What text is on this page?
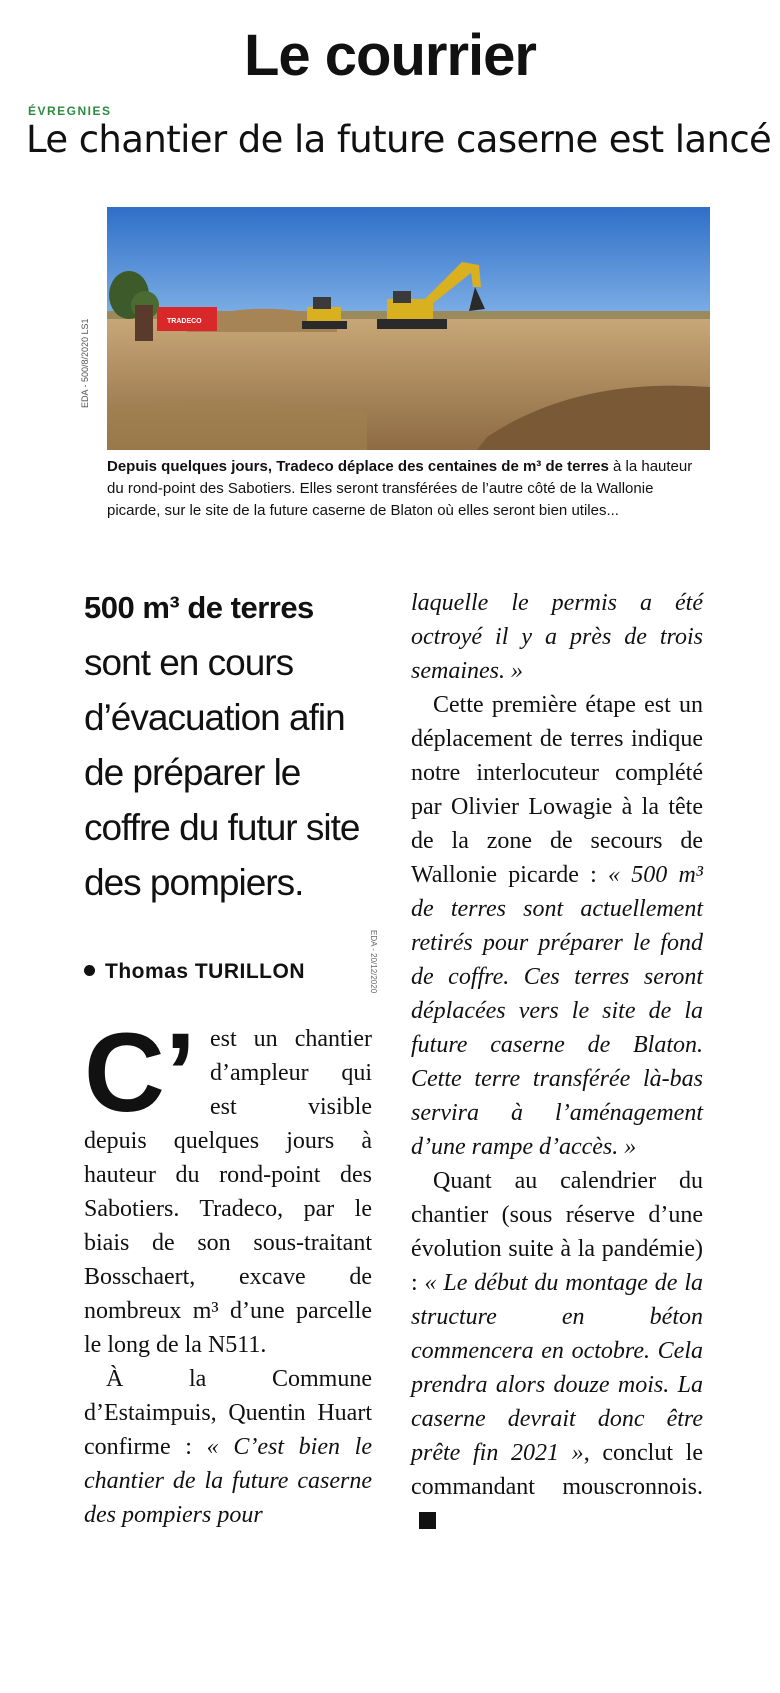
Le courrier
ÉVREGNIES
Le chantier de la future caserne est lancé
EDA - 500/8/2020 LS1	TRADECO
Depuis quelques jours, Tradeco déplace des centaines de m³ de terres à la hauteur du rond-point des Sabotiers. Elles seront transférées de l’autre côté de la Wallonie picarde, sur le site de la future caserne de Blaton où elles seront bien utiles...
500 m³ de terres sont en cours d’évacuation afin de préparer le coffre du futur site des pompiers.
EDA - 20/12/2020
Thomas TURILLON

C’ est un chantier d’ampleur qui est visible depuis quelques jours à hauteur du rond-point des Sabotiers. Tradeco, par le biais de son sous-traitant Bosschaert, excave de nombreux m³ d’une parcelle le long de la N511.

À la Commune d’Estaimpuis, Quentin Huart confirme : « C’est bien le chantier de la future caserne des pompiers pour

laquelle le permis a été octroyé il y a près de trois semaines. »

Cette première étape est un déplacement de terres indique notre interlocuteur complété par Olivier Lowagie à la tête de la zone de secours de Wallonie picarde : « 500 m³ de terres sont actuellement retirés pour préparer le fond de coffre. Ces terres seront déplacées vers le site de la future caserne de Blaton. Cette terre transférée là-bas servira à l’aménagement d’une rampe d’accès. »

Quant au calendrier du chantier (sous réserve d’une évolution suite à la pandémie) : « Le début du montage de la structure en béton commencera en octobre. Cela prendra alors douze mois. La caserne devrait donc être prête fin 2021 », conclut le commandant mouscronnois.
